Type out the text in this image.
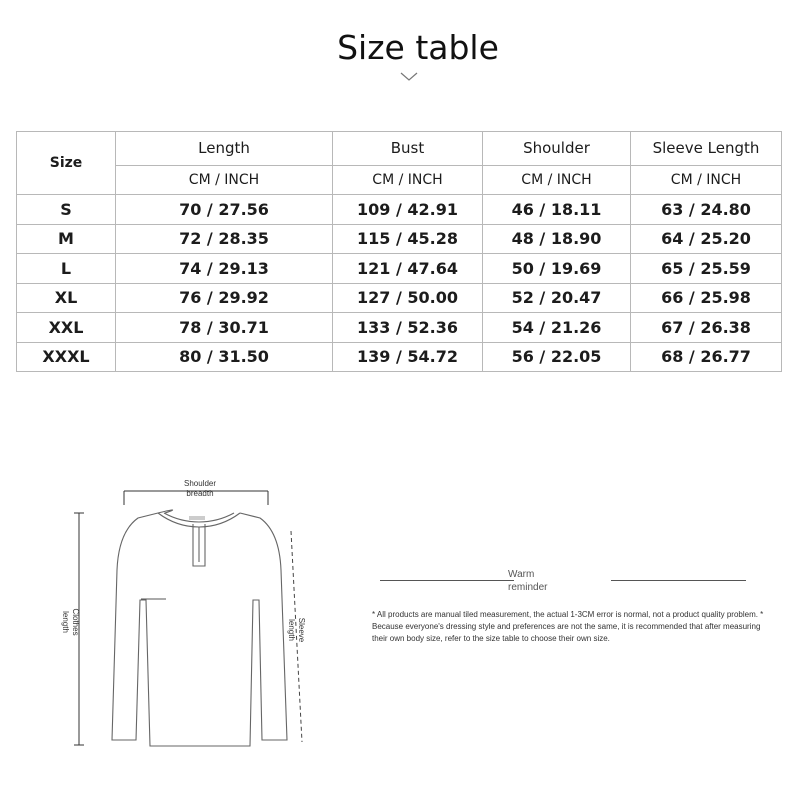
Size table
Size	Length	Bust	Shoulder	Sleeve Length
	CM / INCH	CM / INCH	CM / INCH	CM / INCH
S	70 / 27.56	109 / 42.91	46 / 18.11	63 / 24.80
M	72 / 28.35	115 / 45.28	48 / 18.90	64 / 25.20
L	74 / 29.13	121 / 47.64	50 / 19.69	65 / 25.59
XL	76 / 29.92	127 / 50.00	52 / 20.47	66 / 25.98
XXL	78 / 30.71	133 / 52.36	54 / 21.26	67 / 26.38
XXXL	80 / 31.50	139 / 54.72	56 / 22.05	68 / 26.77
Shoulder
breadth
Clothes
length	Sleeve
length
Warm
reminder
* All products are manual tiled measurement, the actual 1-3CM error is normal, not a product quality problem. * Because everyone's dressing style and preferences are not the same, it is recommended that after measuring their own body size, refer to the size table to choose their own size.
